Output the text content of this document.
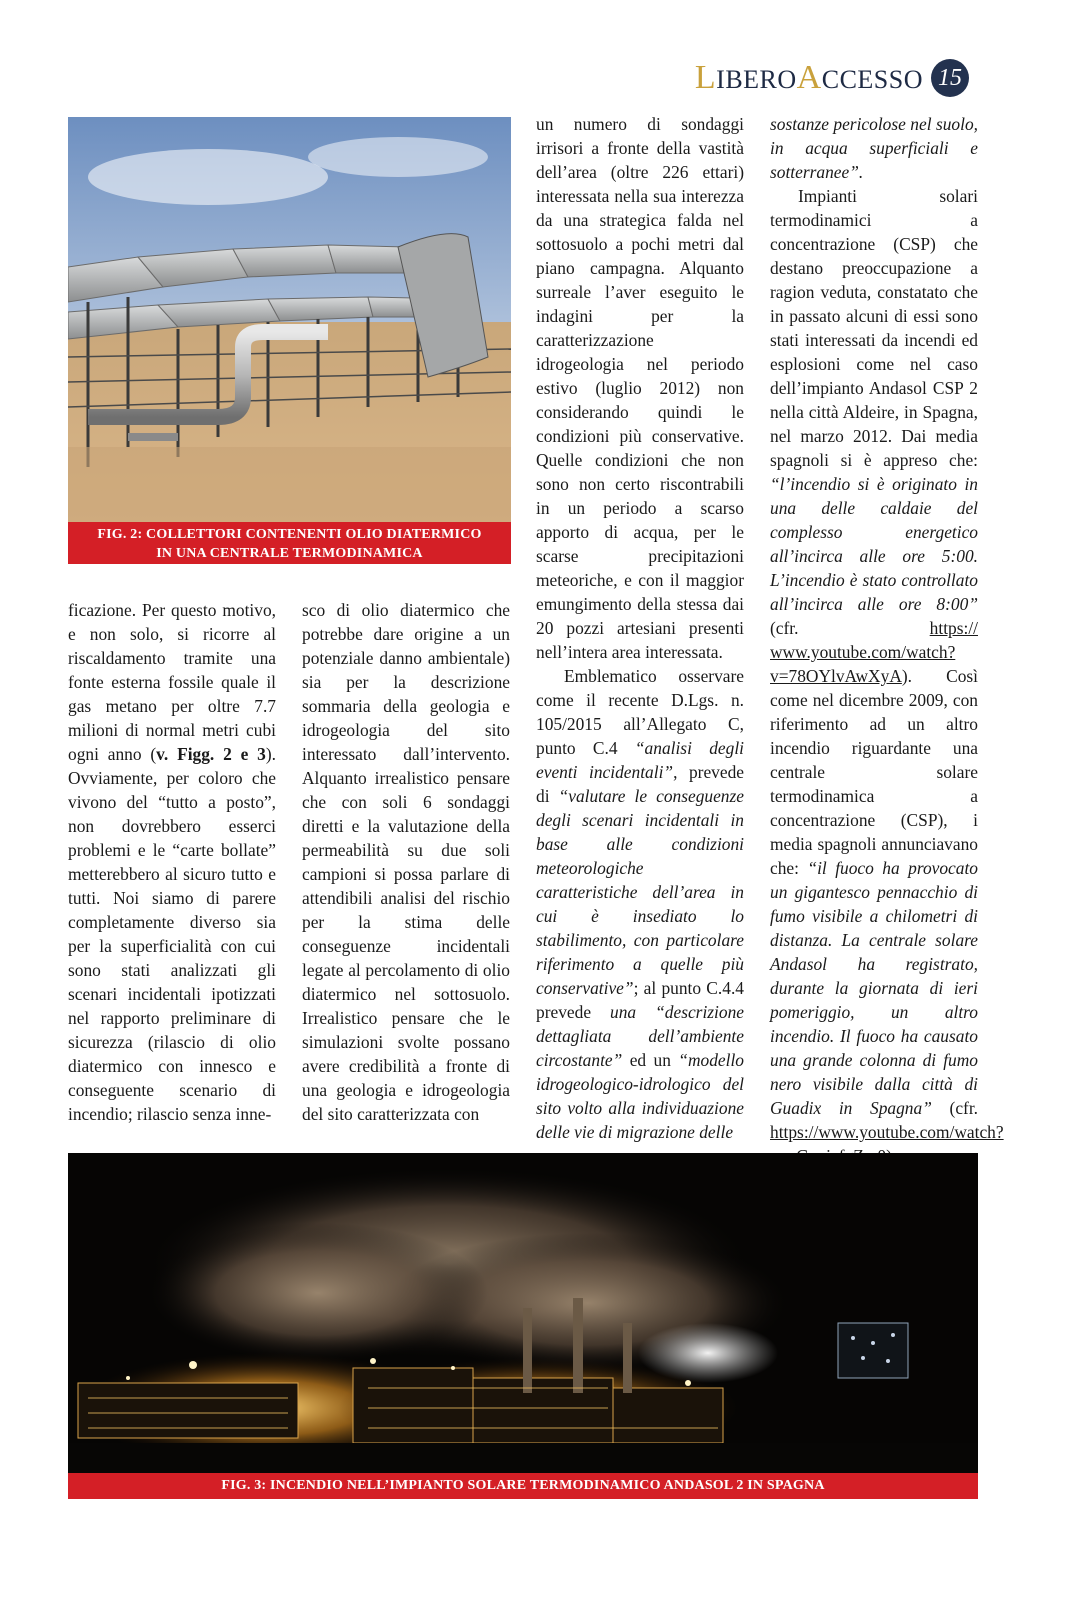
LIBEROACCESSO 15
FIG. 2: COLLETTORI CONTENENTI OLIO DIATERMICO
IN UNA CENTRALE TERMODINAMICA

ficazione. Per questo motivo, e non solo, si ricorre al riscaldamento tramite una fonte esterna fossile quale il gas metano per oltre 7.7 milioni di normal metri cubi ogni anno (v. Figg. 2 e 3). Ovviamente, per coloro che vivono del “tutto a posto”, non dovrebbero esserci problemi e le “carte bollate” metterebbero al sicuro tutto e tutti. Noi siamo di parere completamente diverso sia per la superficialità con cui sono stati analizzati gli scenari incidentali ipotizzati nel rapporto preliminare di sicurezza (rilascio di olio diatermico con innesco e conseguente scenario di incendio; rilascio senza inne-

sco di olio diatermico che potrebbe dare origine a un potenziale danno ambientale) sia per la descrizione sommaria della geologia e idrogeologia del sito interessato dall’intervento. Alquanto irrealistico pensare che con soli 6 sondaggi diretti e la valutazione della permeabilità su due soli campioni si possa parlare di attendibili analisi del rischio per la stima delle conseguenze incidentali legate al percolamento di olio diatermico nel sottosuolo. Irrealistico pensare che le simulazioni svolte possano avere credibilità a fronte di una geologia e idrogeologia del sito caratterizzata con

un numero di sondaggi irrisori a fronte della vastità dell’area (oltre 226 ettari) interessata nella sua interezza da una strategica falda nel sottosuolo a pochi metri dal piano campagna. Alquanto surreale l’aver eseguito le indagini per la caratterizzazione idrogeologia nel periodo estivo (luglio 2012) non considerando quindi le condizioni più conservative. Quelle condizioni che non sono non certo riscontrabili in un periodo a scarso apporto di acqua, per le scarse precipitazioni meteoriche, e con il maggior emungimento della stessa dai 20 pozzi artesiani presenti nell’intera area interessata.

Emblematico osservare come il recente D.Lgs. n. 105/2015 all’Allegato C, punto C.4 “analisi degli eventi incidentali”, prevede di “valutare le conseguenze degli scenari incidentali in base alle condizioni meteorologiche caratteristiche dell’area in cui è insediato lo stabilimento, con particolare riferimento a quelle più conservative”; al punto C.4.4 prevede una “descrizione dettagliata dell’ambiente circostante” ed un “modello idrogeologico-idrologico del sito volto alla individuazione delle vie di migrazione delle

sostanze pericolose nel suolo, in acqua superficiali e sotterranee”.

Impianti solari termodinamici a concentrazione (CSP) che destano preoccupazione a ragion veduta, constatato che in passato alcuni di essi sono stati interessati da incendi ed esplosioni come nel caso dell’impianto Andasol CSP 2 nella città Aldeire, in Spagna, nel marzo 2012. Dai media spagnoli si è appreso che: “l’incendio si è originato in una delle caldaie del complesso energetico all’incirca alle ore 5:00. L’incendio è stato controllato all’incirca alle ore 8:00” (cfr. https:// www.youtube.com/watch?v=78OYlvAwXyA). Così come nel dicembre 2009, con riferimento ad un altro incendio riguardante una centrale solare termodinamica a concentrazione (CSP), i media spagnoli annunciavano che: “il fuoco ha provocato un gigantesco pennacchio di fumo visibile a chilometri di distanza. La centrale solare Andasol ha registrato, durante la giornata di ieri pomeriggio, un altro incendio. Il fuoco ha causato una grande colonna di fumo nero visibile dalla città di Guadix in Spagna” (cfr. https://www.youtube.com/watch?

FIG. 3: INCENDIO NELL’IMPIANTO SOLARE TERMODINAMICO ANDASOL 2 IN SPAGNA
